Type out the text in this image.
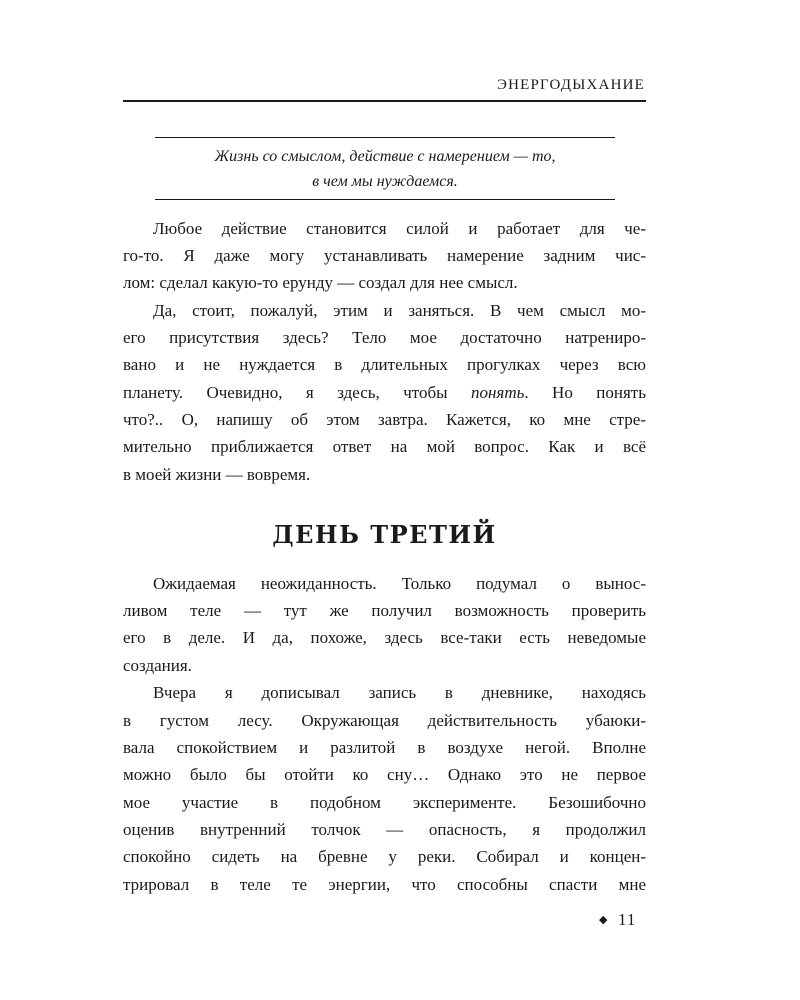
ЭНЕРГОДЫХАНИЕ
Жизнь со смыслом, действие с намерением — то,
в чем мы нуждаемся.
Любое действие становится силой и работает для че-
го-то. Я даже могу устанавливать намерение задним чис-
лом: сделал какую-то ерунду — создал для нее смысл.
Да, стоит, пожалуй, этим и заняться. В чем смысл мо-
его присутствия здесь? Тело мое достаточно натрениро-
вано и не нуждается в длительных прогулках через всю
планету. Очевидно, я здесь, чтобы понять. Но понять
что?.. О, напишу об этом завтра. Кажется, ко мне стре-
мительно приближается ответ на мой вопрос. Как и всё
в моей жизни — вовремя.
ДЕНЬ ТРЕТИЙ
Ожидаемая неожиданность. Только подумал о вынос-
ливом теле — тут же получил возможность проверить
его в деле. И да, похоже, здесь все-таки есть неведомые
создания.
Вчера я дописывал запись в дневнике, находясь
в густом лесу. Окружающая действительность убаюки-
вала спокойствием и разлитой в воздухе негой. Вполне
можно было бы отойти ко сну… Однако это не первое
мое участие в подобном эксперименте. Безошибочно
оценив внутренний толчок — опасность, я продолжил
спокойно сидеть на бревне у реки. Собирал и концен-
трировал в теле те энергии, что способны спасти мне
◆ 11
